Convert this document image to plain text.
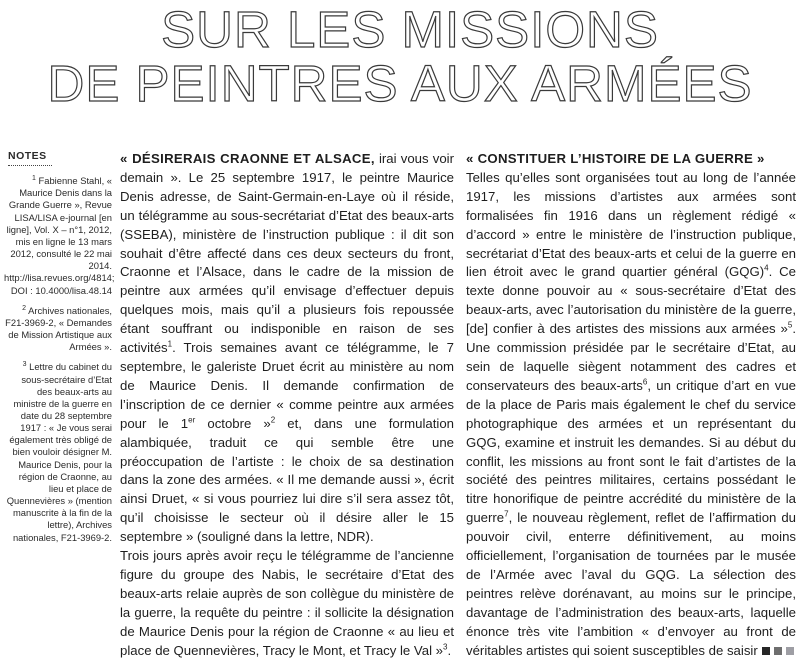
SUR LES MISSIONS
DE PEINTRES AUX ARMÉES
NOTES
$^1$ Fabienne Stahl, « Maurice Denis dans la Grande Guerre », Revue LISA/LISA e-journal [en ligne], Vol. X – n°1, 2012, mis en ligne le 13 mars 2012, consulté le 22 mai 2014. http://lisa.revues.org/4814; DOI : 10.4000/lisa.48.14
$^2$ Archives nationales, F21-3969-2, « Demandes de Mission Artistique aux Armées ».
$^3$ Lettre du cabinet du sous-secrétaire d’Etat des beaux-arts au ministre de la guerre en date du 28 septembre 1917 : « Je vous serai également très obligé de bien vouloir désigner M. Maurice Denis, pour la région de Craonne, au lieu et place de Quennevières » (mention manuscrite à la fin de la lettre), Archives nationales, F21-3969-2.

« DÉSIRERAIS CRAONNE ET ALSACE, irai vous voir demain ». Le 25 septembre 1917, le peintre Maurice Denis adresse, de Saint-Germain-en-Laye où il réside, un télégramme au sous-secrétariat d’Etat des beaux-arts (SSEBA), ministère de l’instruction publique : il dit son souhait d’être affecté dans ces deux secteurs du front, Craonne et l’Alsace, dans le cadre de la mission de peintre aux armées qu’il envisage d’effectuer depuis quelques mois, mais qu’il a plusieurs fois repoussée étant souffrant ou indisponible en raison de ses activités$^1$. Trois semaines avant ce télégramme, le 7 septembre, le galeriste Druet écrit au ministère au nom de Maurice Denis. Il demande confirmation de l’inscription de ce dernier « comme peintre aux armées pour le 1er octobre »$^2$ et, dans une formulation alambiquée, traduit ce qui semble être une préoccupation de l’artiste : le choix de sa destination dans la zone des armées. « Il me demande aussi », écrit ainsi Druet, « si vous pourriez lui dire s’il sera assez tôt, qu’il choisisse le secteur où il désire aller le 15 septembre » (souligné dans la lettre, NDR).

Trois jours après avoir reçu le télégramme de l’ancienne figure du groupe des Nabis, le secrétaire d’Etat des beaux-arts relaie auprès de son collègue du ministère de la guerre, la requête du peintre : il sollicite la désignation de Maurice Denis pour la région de Craonne « au lieu et place de Quennevières, Tracy le Mont, et Tracy le Val »$^3$.

« CONSTITUER L’HISTOIRE DE LA GUERRE »

Telles qu’elles sont organisées tout au long de l’année 1917, les missions d’artistes aux armées sont formalisées fin 1916 dans un règlement rédigé « d’accord » entre le ministère de l’instruction publique, secrétariat d’Etat des beaux-arts et celui de la guerre en lien étroit avec le grand quartier général (GQG)$^4$. Ce texte donne pouvoir au « sous-secrétaire d’Etat des beaux-arts, avec l’autorisation du ministère de la guerre, [de] confier à des artistes des missions aux armées »$^5$. Une commission présidée par le secrétaire d’Etat, au sein de laquelle siègent notamment des cadres et conservateurs des beaux-arts$^6$, un critique d’art en vue de la place de Paris mais également le chef du service photographique des armées et un représentant du GQG, examine et instruit les demandes. Si au début du conflit, les missions au front sont le fait d’artistes de la société des peintres militaires, certains possédant le titre honorifique de peintre accrédité du ministère de la guerre$^7$, le nouveau règlement, reflet de l’affirmation du pouvoir civil, enterre définitivement, au moins officiellement, l’organisation de tournées par le musée de l’Armée avec l’aval du GQG. La sélection des peintres relève dorénavant, au moins sur le principe, davantage de l’administration des beaux-arts, laquelle énonce très vite l’ambition « d’envoyer au front de véritables artistes qui soient susceptibles de saisir
